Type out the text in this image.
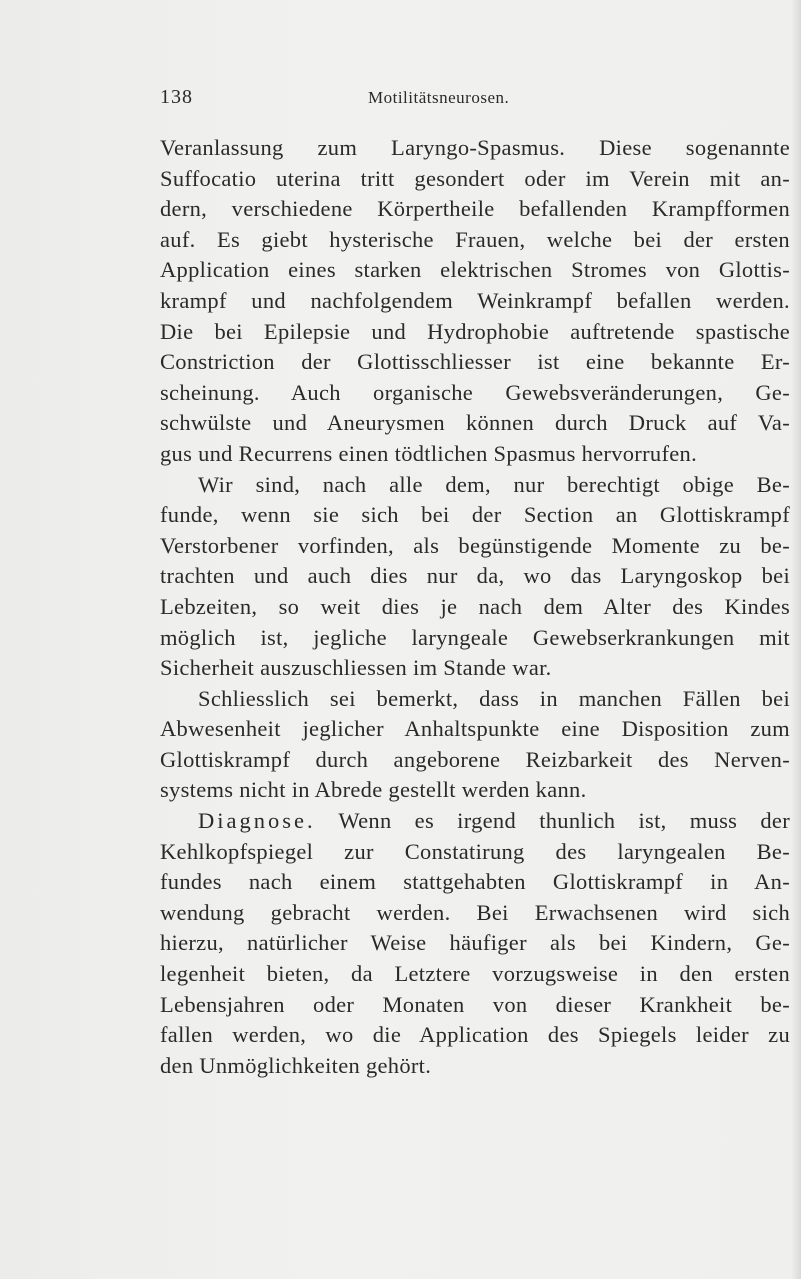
138	Motilitätsneurosen.
Veranlassung zum Laryngo-Spasmus. Diese sogenannte
Suffocatio uterina tritt gesondert oder im Verein mit an-
dern, verschiedene Körpertheile befallenden Krampfformen
auf. Es giebt hysterische Frauen, welche bei der ersten
Application eines starken elektrischen Stromes von Glottis-
krampf und nachfolgendem Weinkrampf befallen werden.
Die bei Epilepsie und Hydrophobie auftretende spastische
Constriction der Glottisschliesser ist eine bekannte Er-
scheinung. Auch organische Gewebsveränderungen, Ge-
schwülste und Aneurysmen können durch Druck auf Va-
gus und Recurrens einen tödtlichen Spasmus hervorrufen.
Wir sind, nach alle dem, nur berechtigt obige Be-
funde, wenn sie sich bei der Section an Glottiskrampf
Verstorbener vorfinden, als begünstigende Momente zu be-
trachten und auch dies nur da, wo das Laryngoskop bei
Lebzeiten, so weit dies je nach dem Alter des Kindes
möglich ist, jegliche laryngeale Gewebserkrankungen mit
Sicherheit auszuschliessen im Stande war.
Schliesslich sei bemerkt, dass in manchen Fällen bei
Abwesenheit jeglicher Anhaltspunkte eine Disposition zum
Glottiskrampf durch angeborene Reizbarkeit des Nerven-
systems nicht in Abrede gestellt werden kann.
Diagnose. Wenn es irgend thunlich ist, muss der
Kehlkopfspiegel zur Constatirung des laryngealen Be-
fundes nach einem stattgehabten Glottiskrampf in An-
wendung gebracht werden. Bei Erwachsenen wird sich
hierzu, natürlicher Weise häufiger als bei Kindern, Ge-
legenheit bieten, da Letztere vorzugsweise in den ersten
Lebensjahren oder Monaten von dieser Krankheit be-
fallen werden, wo die Application des Spiegels leider zu
den Unmöglichkeiten gehört.
